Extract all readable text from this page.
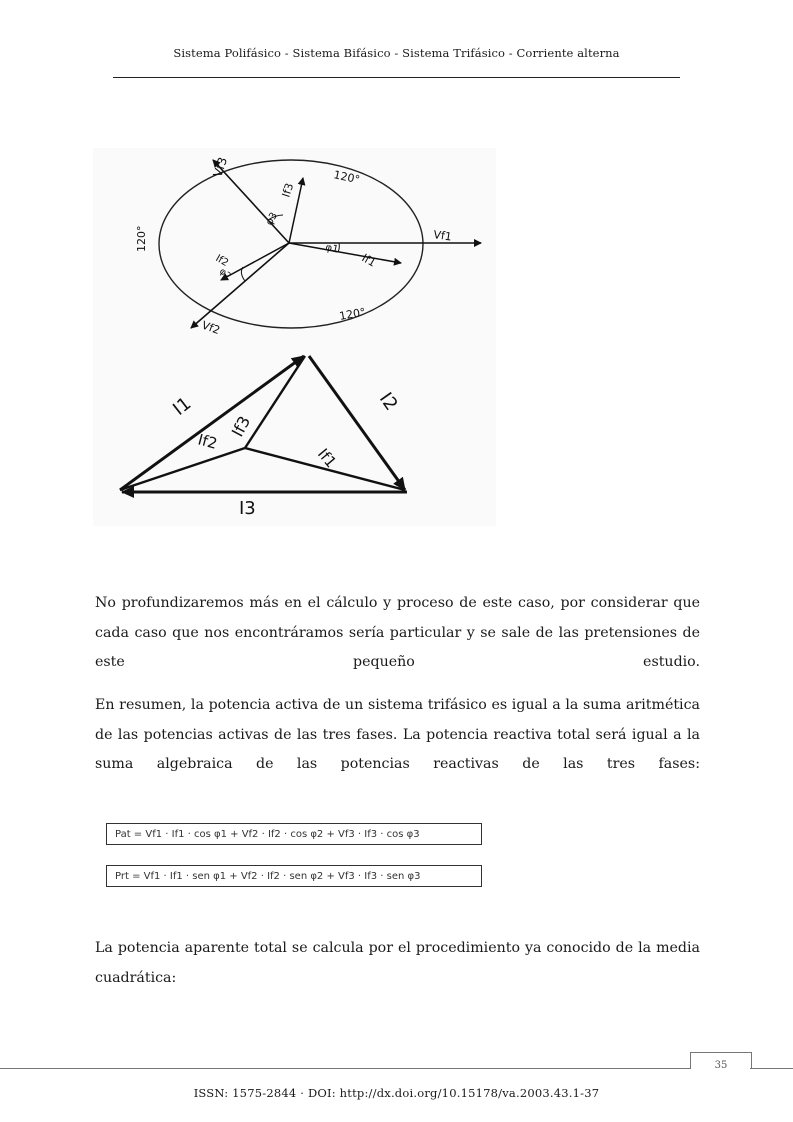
Sistema Polifásico - Sistema Bifásico - Sistema Trifásico - Corriente alterna
Vf3
If3
120°
φ3
120°	Vf1
φ1
If1
If2
φ2
120°
Vf2
I1	I2
If3
If2
If1
I3
No profundizaremos más en el cálculo y proceso de este caso, por considerar que cada caso que nos encontráramos sería particular y se sale de las pretensiones de este pequeño estudio.
En resumen, la potencia activa de un sistema trifásico es igual a la suma aritmética de las potencias activas de las tres fases. La potencia reactiva total será igual a la suma algebraica de las potencias reactivas de las tres fases:
Pat = Vf1 · If1 · cos φ1 + Vf2 · If2 · cos φ2 + Vf3 · If3 · cos φ3
Prt = Vf1 · If1 · sen φ1 + Vf2 · If2 · sen φ2 + Vf3 · If3 · sen φ3
La potencia aparente total se calcula por el procedimiento ya conocido de la media cuadrática:
35
ISSN: 1575-2844 · DOI: http://dx.doi.org/10.15178/va.2003.43.1-37
